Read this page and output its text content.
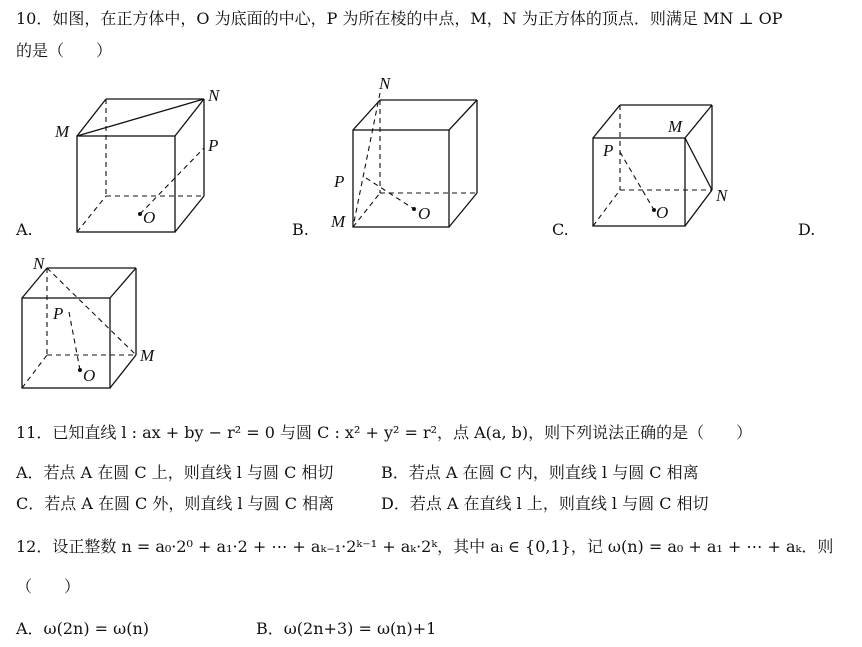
10．如图，在正方体中，O 为底面的中心，P 为所在棱的中点，M，N 为正方体的顶点．则满足 MN ⊥ OP
的是（　　）
A.	B.	C.	D.
M
N
P
O
N
P
M	O
M
P
N
O
N
P
M
O
11．已知直线 l : ax + by − r² = 0 与圆 C : x² + y² = r²，点 A(a, b)，则下列说法正确的是（　　）
A．若点 A 在圆 C 上，则直线 l 与圆 C 相切	B．若点 A 在圆 C 内，则直线 l 与圆 C 相离
C．若点 A 在圆 C 外，则直线 l 与圆 C 相离	D．若点 A 在直线 l 上，则直线 l 与圆 C 相切
12．设正整数 n = a₀·2⁰ + a₁·2 + ⋯ + aₖ₋₁·2ᵏ⁻¹ + aₖ·2ᵏ，其中 aᵢ ∈ {0,1}，记 ω(n) = a₀ + a₁ + ⋯ + aₖ．则
（　　）
A．ω(2n) = ω(n)	B．ω(2n+3) = ω(n)+1
